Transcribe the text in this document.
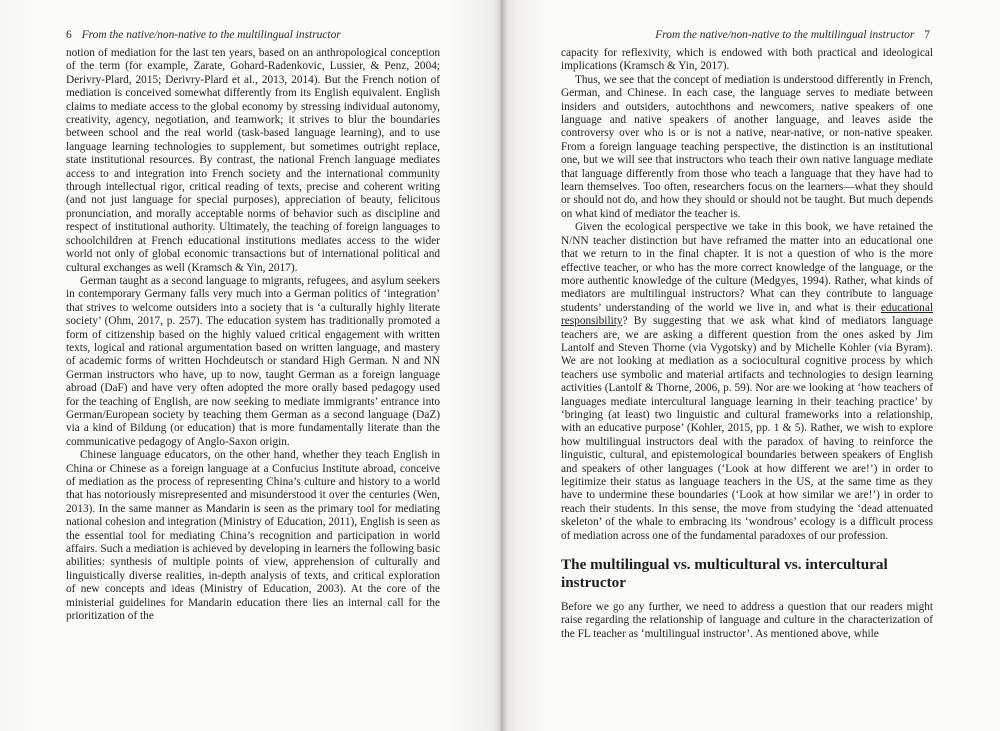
6 From the native/non-native to the multilingual instructor

notion of mediation for the last ten years, based on an anthropological conception of the term (for example, Zarate, Gohard-Radenkovic, Lussier, & Penz, 2004; Derivry-Plard, 2015; Derivry-Plard et al., 2013, 2014). But the French notion of mediation is conceived somewhat differently from its English equivalent. English claims to mediate access to the global economy by stressing individual autonomy, creativity, agency, negotiation, and teamwork; it strives to blur the boundaries between school and the real world (task-based language learning), and to use language learning technologies to supplement, but sometimes outright replace, state institutional resources. By contrast, the national French language mediates access to and integration into French society and the international community through intellectual rigor, critical reading of texts, precise and coherent writing (and not just language for special purposes), appreciation of beauty, felicitous pronunciation, and morally acceptable norms of behavior such as discipline and respect of institutional authority. Ultimately, the teaching of foreign languages to schoolchildren at French educational institutions mediates access to the wider world not only of global economic transactions but of international political and cultural exchanges as well (Kramsch & Yin, 2017).

German taught as a second language to migrants, refugees, and asylum seekers in contemporary Germany falls very much into a German politics of ‘integration’ that strives to welcome outsiders into a society that is ‘a culturally highly literate society’ (Ohm, 2017, p. 257). The education system has traditionally promoted a form of citizenship based on the highly valued critical engagement with written texts, logical and rational argumentation based on written language, and mastery of academic forms of written Hochdeutsch or standard High German. N and NN German instructors who have, up to now, taught German as a foreign language abroad (DaF) and have very often adopted the more orally based pedagogy used for the teaching of English, are now seeking to mediate immigrants’ entrance into German/European society by teaching them German as a second language (DaZ) via a kind of Bildung (or education) that is more fundamentally literate than the communicative pedagogy of Anglo-Saxon origin.

Chinese language educators, on the other hand, whether they teach English in China or Chinese as a foreign language at a Confucius Institute abroad, conceive of mediation as the process of representing China’s culture and history to a world that has notoriously misrepresented and misunderstood it over the centuries (Wen, 2013). In the same manner as Mandarin is seen as the primary tool for mediating national cohesion and integration (Ministry of Education, 2011), English is seen as the essential tool for mediating China’s recognition and participation in world affairs. Such a mediation is achieved by developing in learners the following basic abilities: synthesis of multiple points of view, apprehension of culturally and linguistically diverse realities, in-depth analysis of texts, and critical exploration of new concepts and ideas (Ministry of Education, 2003). At the core of the ministerial guidelines for Mandarin education there lies an internal call for the prioritization of the

From the native/non-native to the multilingual instructor 7

capacity for reflexivity, which is endowed with both practical and ideological implications (Kramsch & Yin, 2017).

Thus, we see that the concept of mediation is understood differently in French, German, and Chinese. In each case, the language serves to mediate between insiders and outsiders, autochthons and newcomers, native speakers of one language and native speakers of another language, and leaves aside the controversy over who is or is not a native, near-native, or non-native speaker. From a foreign language teaching perspective, the distinction is an institutional one, but we will see that instructors who teach their own native language mediate that language differently from those who teach a language that they have had to learn themselves. Too often, researchers focus on the learners—what they should or should not do, and how they should or should not be taught. But much depends on what kind of mediator the teacher is.

Given the ecological perspective we take in this book, we have retained the N/NN teacher distinction but have reframed the matter into an educational one that we return to in the final chapter. It is not a question of who is the more effective teacher, or who has the more correct knowledge of the language, or the more authentic knowledge of the culture (Medgyes, 1994). Rather, what kinds of mediators are multilingual instructors? What can they contribute to language students’ understanding of the world we live in, and what is their educational responsibility? By suggesting that we ask what kind of mediators language teachers are, we are asking a different question from the ones asked by Jim Lantolf and Steven Thorne (via Vygotsky) and by Michelle Kohler (via Byram). We are not looking at mediation as a sociocultural cognitive process by which teachers use symbolic and material artifacts and technologies to design learning activities (Lantolf & Thorne, 2006, p. 59). Nor are we looking at ‘how teachers of languages mediate intercultural language learning in their teaching practice’ by ‘bringing (at least) two linguistic and cultural frameworks into a relationship, with an educative purpose’ (Kohler, 2015, pp. 1 & 5). Rather, we wish to explore how multilingual instructors deal with the paradox of having to reinforce the linguistic, cultural, and epistemological boundaries between speakers of English and speakers of other languages (‘Look at how different we are!’) in order to legitimize their status as language teachers in the US, at the same time as they have to undermine these boundaries (‘Look at how similar we are!’) in order to reach their students. In this sense, the move from studying the ‘dead attenuated skeleton’ of the whale to embracing its ‘wondrous’ ecology is a difficult process of mediation across one of the fundamental paradoxes of our profession.

The multilingual vs. multicultural vs. intercultural instructor

Before we go any further, we need to address a question that our readers might raise regarding the relationship of language and culture in the characterization of the FL teacher as ‘multilingual instructor’. As mentioned above, while
